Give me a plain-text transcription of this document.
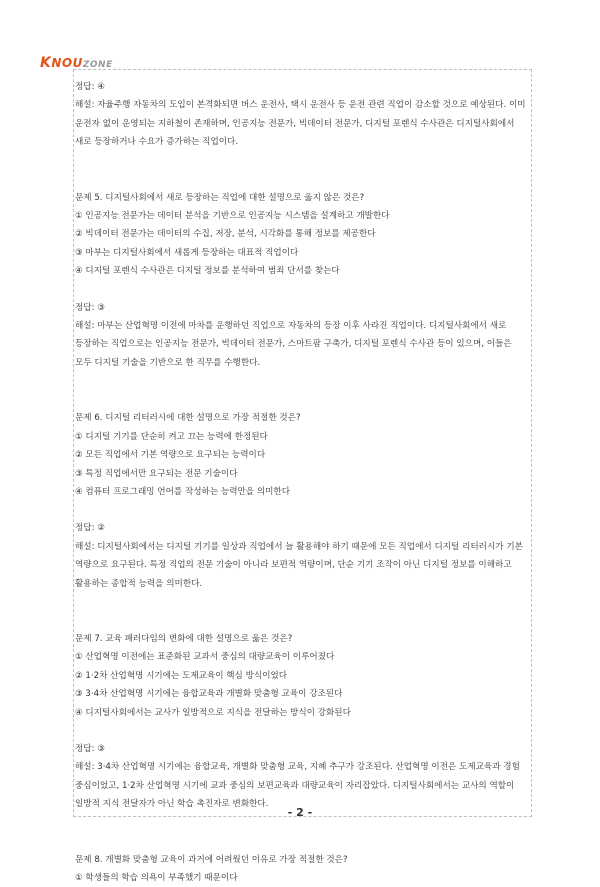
KNOUZONE

정답: ④

해설: 자율주행 자동차의 도입이 본격화되면 버스 운전사, 택시 운전사 등 운전 관련 직업이 감소할 것으로 예상된다. 이미 운전자 없이 운영되는 지하철이 존재하며, 인공지능 전문가, 빅데이터 전문가, 디지털 포렌식 수사관은 디지털사회에서 새로 등장하거나 수요가 증가하는 직업이다.

문제 5. 디지털사회에서 새로 등장하는 직업에 대한 설명으로 옳지 않은 것은?

① 인공지능 전문가는 데이터 분석을 기반으로 인공지능 시스템을 설계하고 개발한다

② 빅데이터 전문가는 데이터의 수집, 저장, 분석, 시각화를 통해 정보를 제공한다

③ 마부는 디지털사회에서 새롭게 등장하는 대표적 직업이다

④ 디지털 포렌식 수사관은 디지털 정보를 분석하여 범죄 단서를 찾는다

정답: ③

해설: 마부는 산업혁명 이전에 마차를 운행하던 직업으로 자동차의 등장 이후 사라진 직업이다. 디지털사회에서 새로 등장하는 직업으로는 인공지능 전문가, 빅데이터 전문가, 스마트팜 구축가, 디지털 포렌식 수사관 등이 있으며, 이들은 모두 디지털 기술을 기반으로 한 직무를 수행한다.

문제 6. 디지털 리터러시에 대한 설명으로 가장 적절한 것은?

① 디지털 기기를 단순히 켜고 끄는 능력에 한정된다

② 모든 직업에서 기본 역량으로 요구되는 능력이다

③ 특정 직업에서만 요구되는 전문 기술이다

④ 컴퓨터 프로그래밍 언어를 작성하는 능력만을 의미한다

정답: ②

해설: 디지털사회에서는 디지털 기기를 일상과 직업에서 늘 활용해야 하기 때문에 모든 직업에서 디지털 리터러시가 기본 역량으로 요구된다. 특정 직업의 전문 기술이 아니라 보편적 역량이며, 단순 기기 조작이 아닌 디지털 정보를 이해하고 활용하는 종합적 능력을 의미한다.

문제 7. 교육 패러다임의 변화에 대한 설명으로 옳은 것은?

① 산업혁명 이전에는 표준화된 교과서 중심의 대량교육이 이루어졌다

② 1·2차 산업혁명 시기에는 도제교육이 핵심 방식이었다

③ 3·4차 산업혁명 시기에는 융합교육과 개별화 맞춤형 교육이 강조된다

④ 디지털사회에서는 교사가 일방적으로 지식을 전달하는 방식이 강화된다

정답: ③

해설: 3·4차 산업혁명 시기에는 융합교육, 개별화 맞춤형 교육, 지혜 추구가 강조된다. 산업혁명 이전은 도제교육과 경험 중심이었고, 1·2차 산업혁명 시기에 교과 중심의 보편교육과 대량교육이 자리잡았다. 디지털사회에서는 교사의 역할이 일방적 지식 전달자가 아닌 학습 촉진자로 변화한다.

문제 8. 개별화 맞춤형 교육이 과거에 어려웠던 이유로 가장 적절한 것은?

① 학생들의 학습 의욕이 부족했기 때문이다

- 2 -
